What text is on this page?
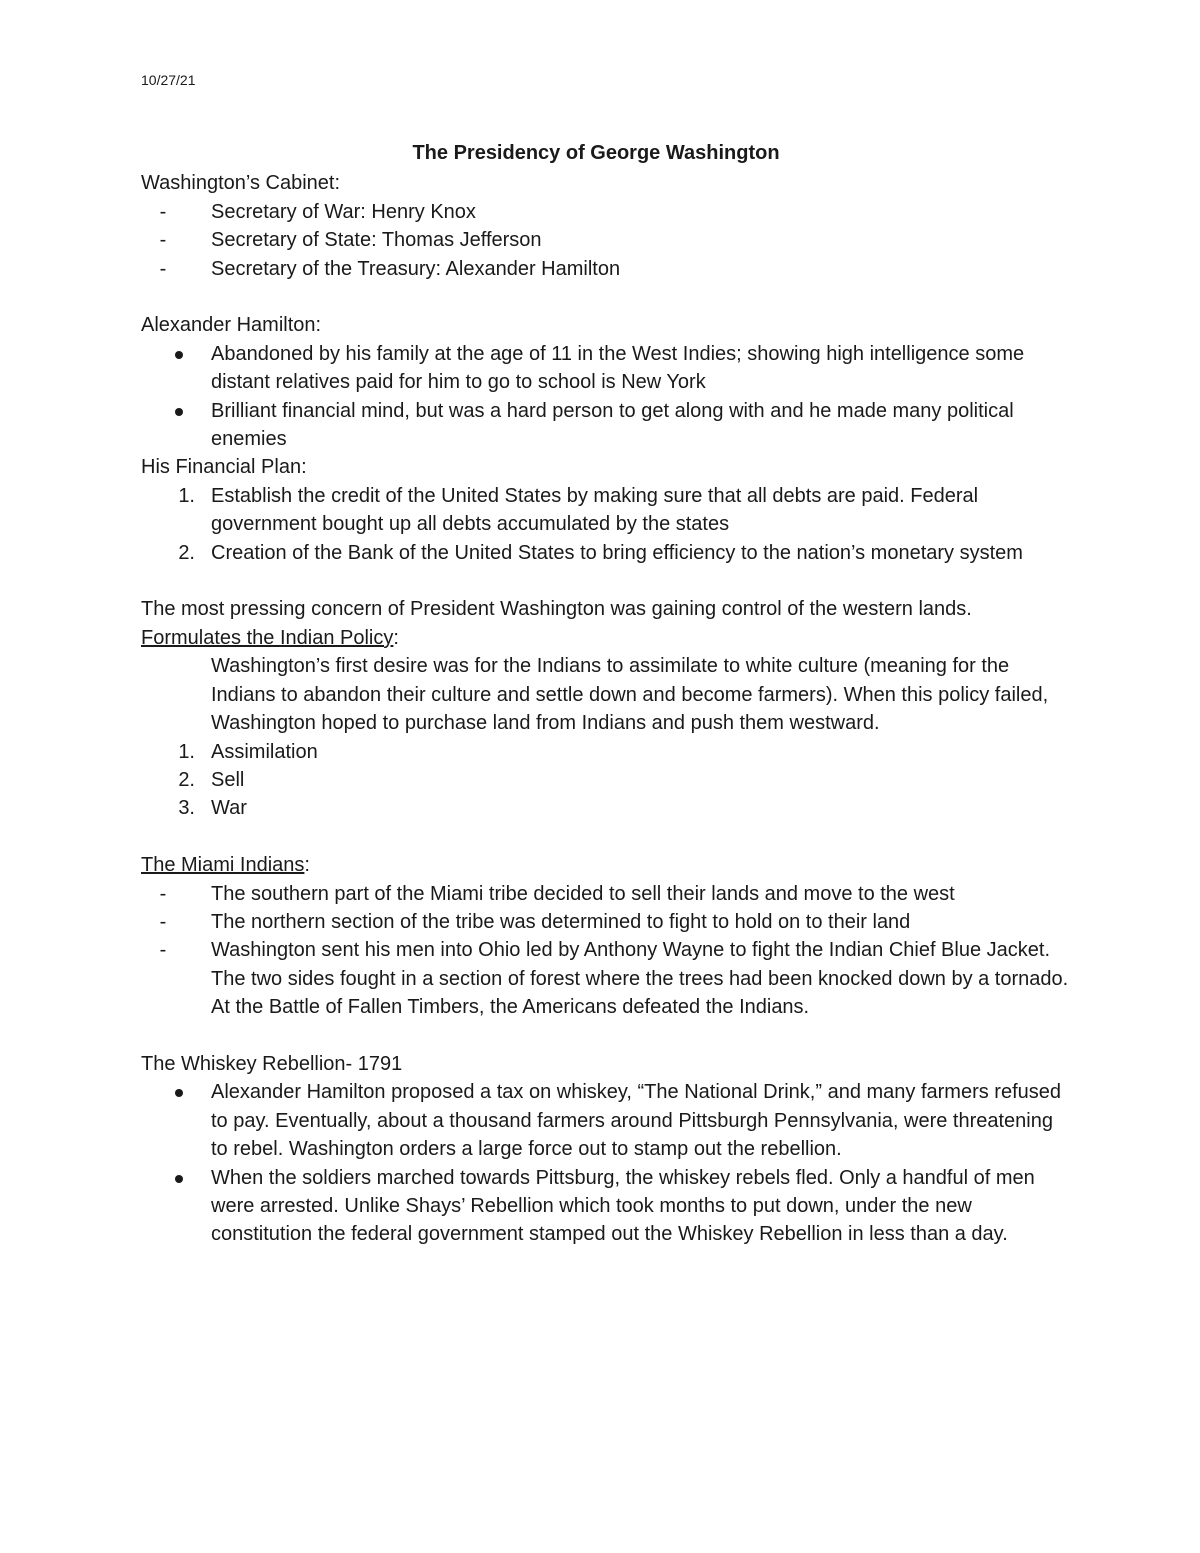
10/27/21
The Presidency of George Washington
Washington’s Cabinet:
-	Secretary of War: Henry Knox
-	Secretary of State: Thomas Jefferson
-	Secretary of the Treasury: Alexander Hamilton
Alexander Hamilton:
Abandoned by his family at the age of 11 in the West Indies; showing high intelligence some distant relatives paid for him to go to school is New York
Brilliant financial mind, but was a hard person to get along with and he made many political enemies
His Financial Plan:
1. Establish the credit of the United States by making sure that all debts are paid. Federal government bought up all debts accumulated by the states
2. Creation of the Bank of the United States to bring efficiency to the nation’s monetary system
The most pressing concern of President Washington was gaining control of the western lands.
Formulates the Indian Policy:
Washington’s first desire was for the Indians to assimilate to white culture (meaning for the Indians to abandon their culture and settle down and become farmers). When this policy failed, Washington hoped to purchase land from Indians and push them westward.
1. Assimilation
2. Sell
3. War
The Miami Indians:
-	The southern part of the Miami tribe decided to sell their lands and move to the west
-	The northern section of the tribe was determined to fight to hold on to their land
-	Washington sent his men into Ohio led by Anthony Wayne to fight the Indian Chief Blue Jacket. The two sides fought in a section of forest where the trees had been knocked down by a tornado. At the Battle of Fallen Timbers, the Americans defeated the Indians.
The Whiskey Rebellion- 1791
Alexander Hamilton proposed a tax on whiskey, “The National Drink,” and many farmers refused to pay. Eventually, about a thousand farmers around Pittsburgh Pennsylvania, were threatening to rebel. Washington orders a large force out to stamp out the rebellion.
When the soldiers marched towards Pittsburg, the whiskey rebels fled. Only a handful of men were arrested. Unlike Shays’ Rebellion which took months to put down, under the new constitution the federal government stamped out the Whiskey Rebellion in less than a day.
